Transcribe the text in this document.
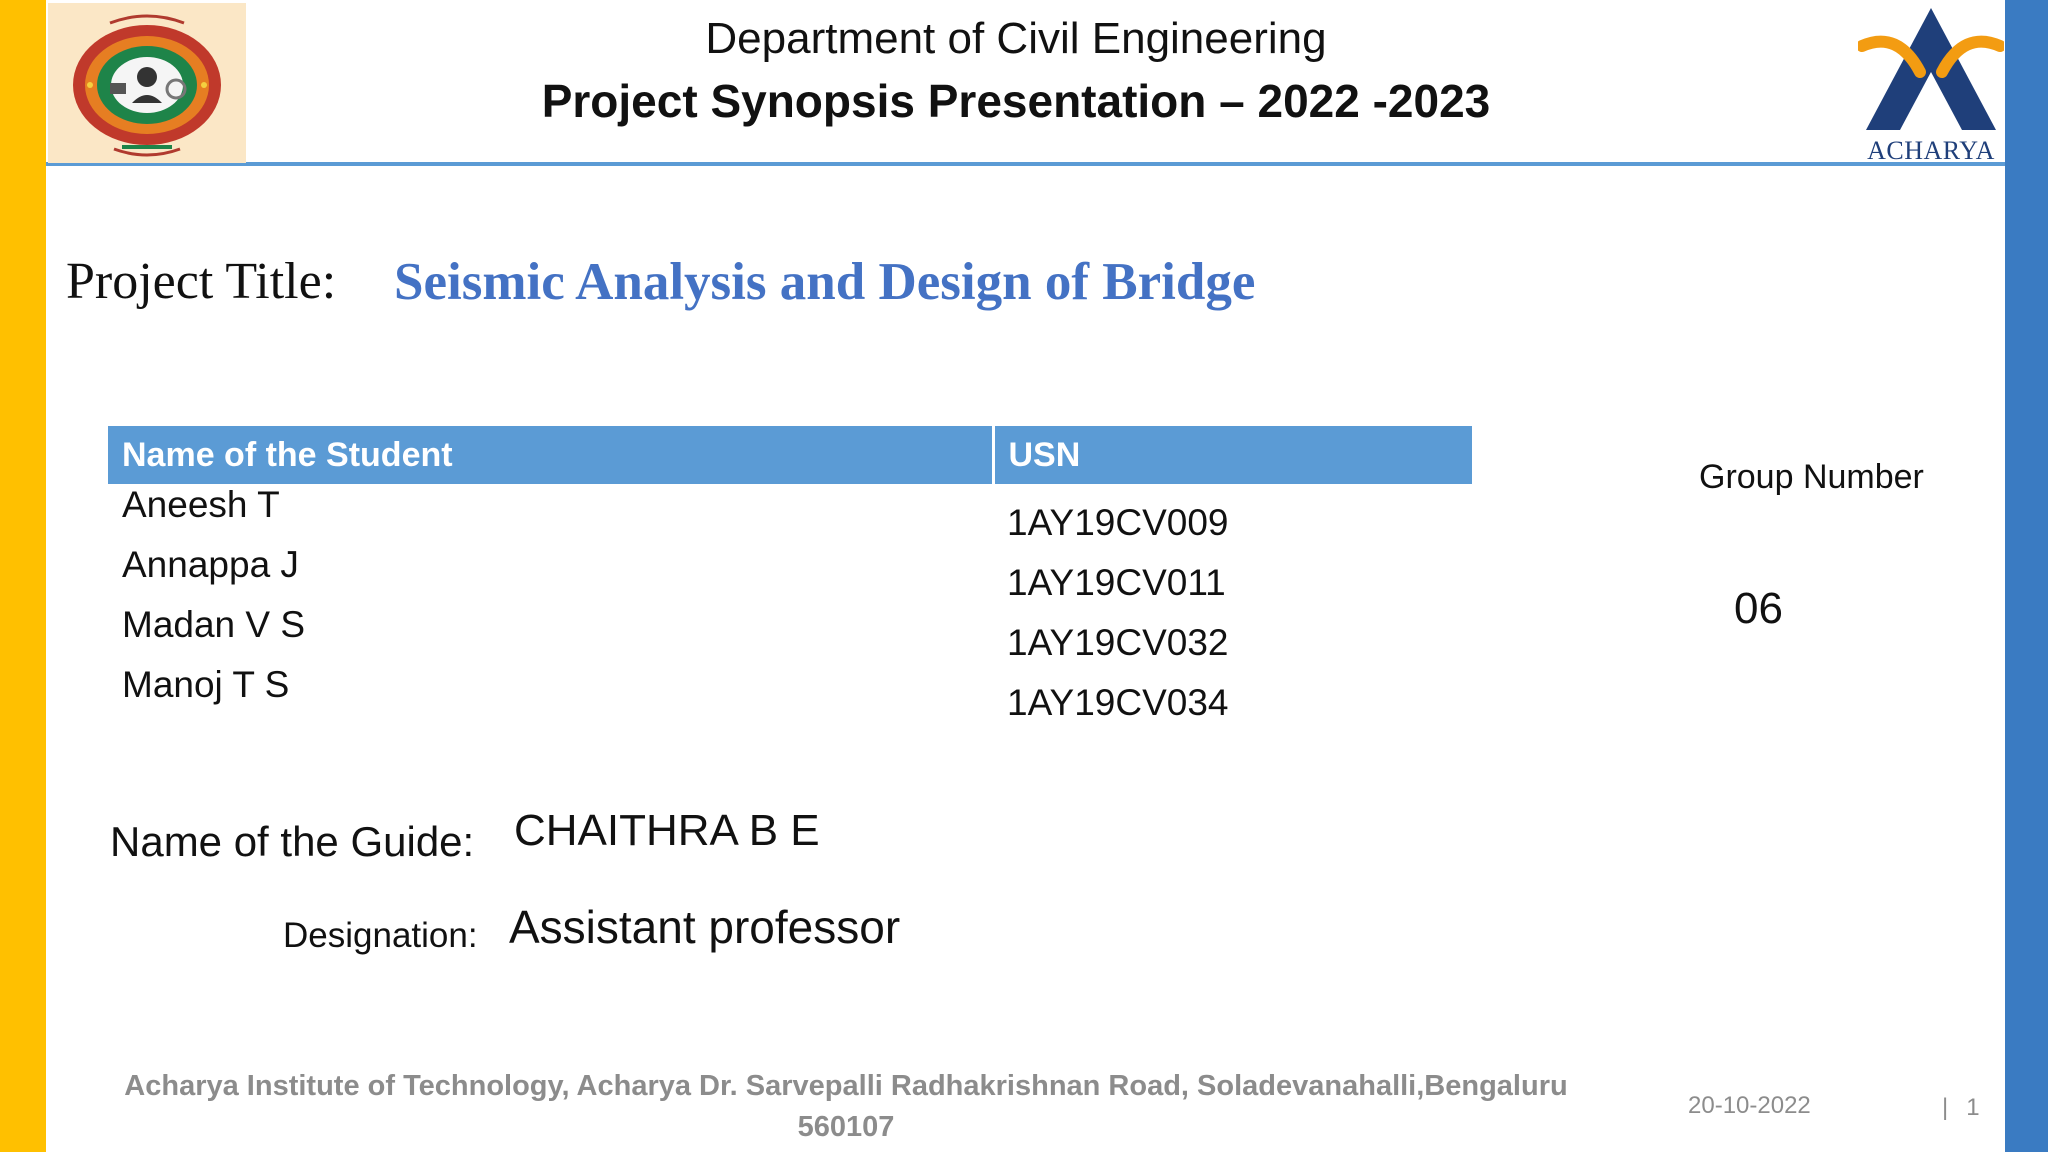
ACHARYA
Department of Civil Engineering
Project Synopsis Presentation – 2022 -2023
Project Title: Seismic Analysis and Design of Bridge
Name of the Student	USN
Aneesh T	1AY19CV009
Annappa J	1AY19CV011
Madan V S	1AY19CV032
Manoj T S	1AY19CV034
Group Number
06
Name of the Guide: CHAITHRA B E
Designation: Assistant professor
Acharya Institute of Technology, Acharya Dr. Sarvepalli Radhakrishnan Road, Soladevanahalli,Bengaluru
560107
20-10-2022	| 1
